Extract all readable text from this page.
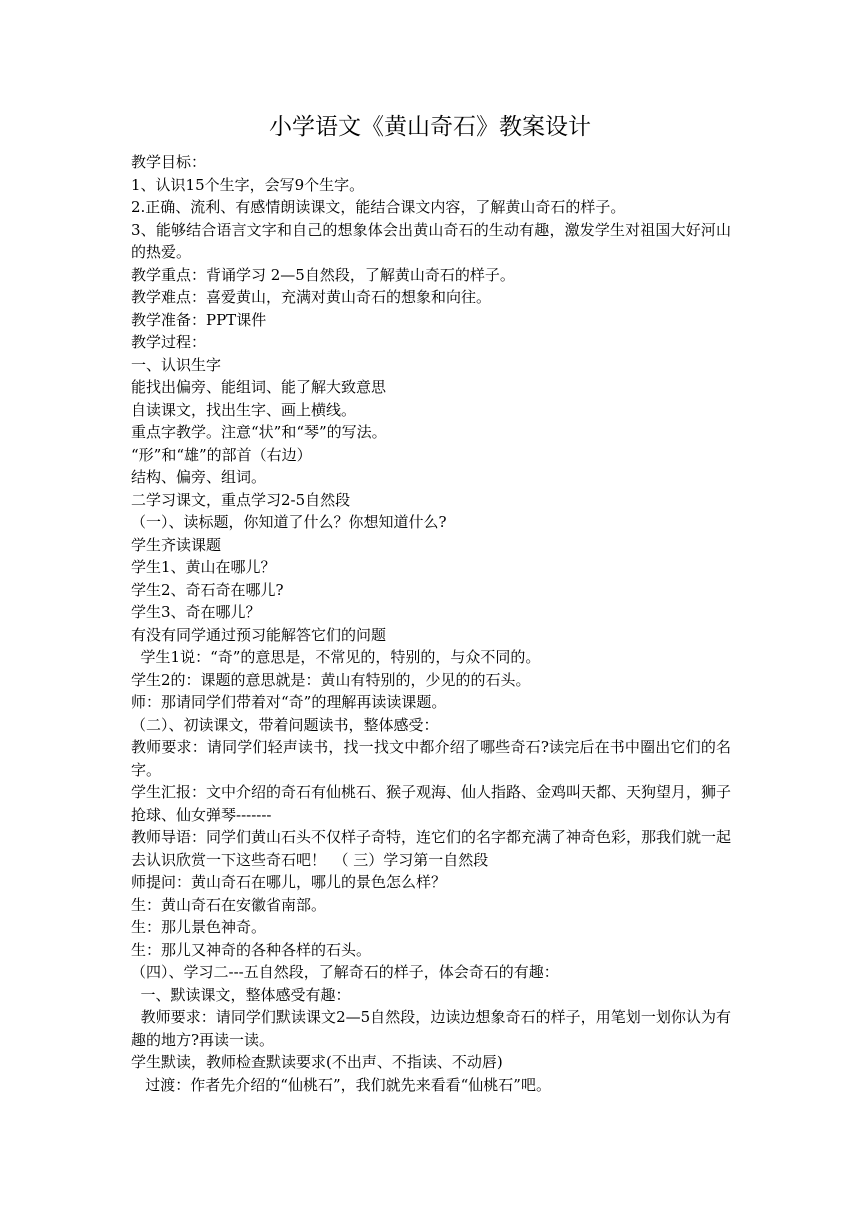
小学语文《黄山奇石》教案设计
教学目标：
1、认识15个生字，会写9个生字。
2.正确、流利、有感情朗读课文，能结合课文内容，了解黄山奇石的样子。
3、能够结合语言文字和自己的想象体会出黄山奇石的生动有趣，激发学生对祖国大好河山的热爱。
教学重点：背诵学习 2—5自然段，了解黄山奇石的样子。
教学难点：喜爱黄山，充满对黄山奇石的想象和向往。
教学准备：PPT课件
教学过程：
一、认识生字
能找出偏旁、能组词、能了解大致意思
自读课文，找出生字、画上横线。
重点字教学。注意“状”和“琴”的写法。
“形”和“雄”的部首（右边）
结构、偏旁、组词。
二学习课文，重点学习2-5自然段
（一）、读标题，你知道了什么？你想知道什么?
学生齐读课题
学生1、黄山在哪儿？
学生2、奇石奇在哪儿?
学生3、奇在哪儿？
有没有同学通过预习能解答它们的问题
学生1说：“奇”的意思是，不常见的，特别的，与众不同的。
学生2的：课题的意思就是：黄山有特别的，少见的的石头。
师：那请同学们带着对“奇”的理解再读读课题。
（二）、初读课文，带着问题读书，整体感受：
教师要求：请同学们轻声读书，找一找文中都介绍了哪些奇石?读完后在书中圈出它们的名字。
学生汇报：文中介绍的奇石有仙桃石、猴子观海、仙人指路、金鸡叫天都、天狗望月，狮子抢球、仙女弹琴-------
教师导语：同学们黄山石头不仅样子奇特，连它们的名字都充满了神奇色彩，那我们就一起去认识欣赏一下这些奇石吧！　（ 三）学习第一自然段
师提问：黄山奇石在哪儿，哪儿的景色怎么样？
生：黄山奇石在安徽省南部。
生：那儿景色神奇。
生：那儿又神奇的各种各样的石头。
（四）、学习二---五自然段，了解奇石的样子，体会奇石的有趣：
一、默读课文，整体感受有趣：
教师要求：请同学们默读课文2—5自然段，边读边想象奇石的样子，用笔划一划你认为有趣的地方?再读一读。
学生默读，教师检查默读要求(不出声、不指读、不动唇)
过渡：作者先介绍的“仙桃石”，我们就先来看看“仙桃石”吧。
